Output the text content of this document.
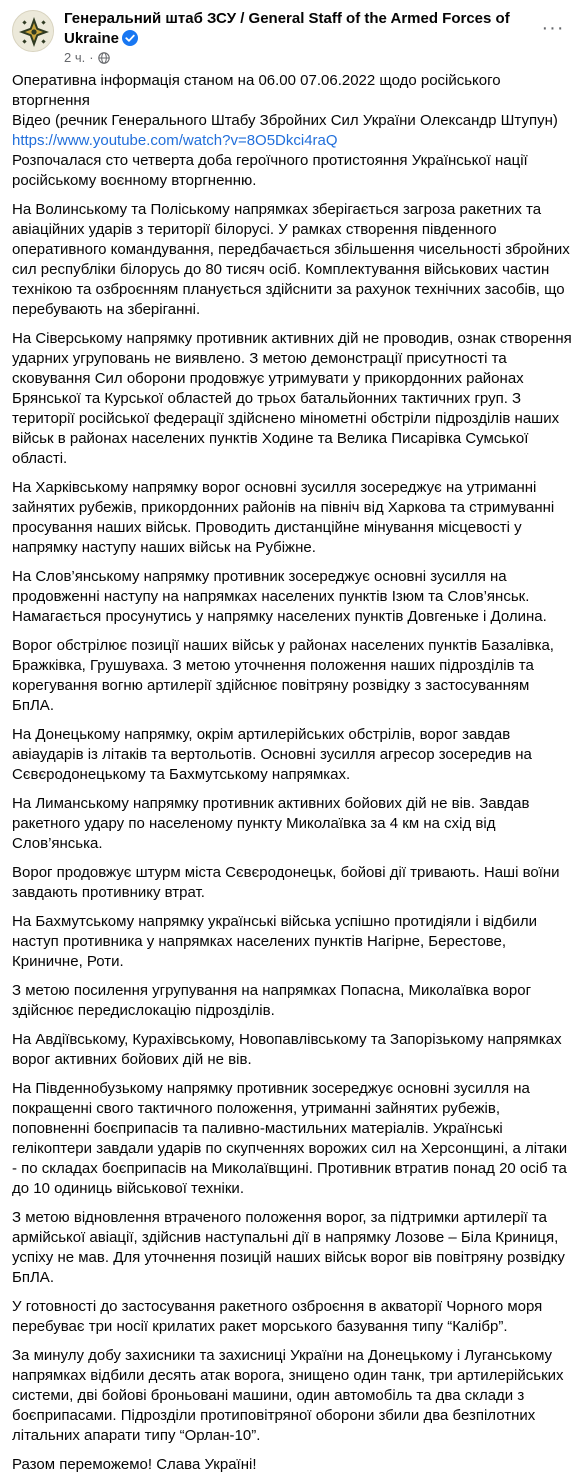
Генеральний штаб ЗСУ / General Staff of the Armed Forces of Ukraine
2 ч. ·
···

Оперативна інформація станом на 06.00 07.06.2022 щодо російського вторгнення

Відео (речник Генерального Штабу Збройних Сил України Олександр Штупун)

https://www.youtube.com/watch?v=8O5Dkci4raQ

Розпочалася сто четверта доба героїчного протистояння Української нації російському воєнному вторгненню.

На Волинському та Поліському напрямках зберігається загроза ракетних та авіаційних ударів з території білорусі. У рамках створення південного оперативного командування, передбачається збільшення чисельності збройних сил республіки білорусь до 80 тисяч осіб. Комплектування військових частин технікою та озброєнням планується здійснити за рахунок технічних засобів, що перебувають на зберіганні.

На Сіверському напрямку противник активних дій не проводив, ознак створення ударних угруповань не виявлено. З метою демонстрації присутності та сковування Сил оборони продовжує утримувати у прикордонних районах Брянської та Курської областей до трьох батальйонних тактичних груп. З території російської федерації здійснено мінометні обстріли підрозділів наших військ в районах населених пунктів Ходине та Велика Писарівка Сумської області.

На Харківському напрямку ворог основні зусилля зосереджує на утриманні зайнятих рубежів, прикордонних районів на північ від Харкова та стримуванні просування наших військ. Проводить дистанційне мінування місцевості у напрямку наступу наших військ на Рубіжне.

На Слов’янському напрямку противник зосереджує основні зусилля на продовженні наступу на напрямках населених пунктів Ізюм та Слов’янськ. Намагається просунутись у напрямку населених пунктів Довгеньке і Долина.

Ворог обстрілює позиції наших військ у районах населених пунктів Базалівка, Бражківка, Грушуваха. З метою уточнення положення наших підрозділів та корегування вогню артилерії здійснює повітряну розвідку з застосуванням БпЛА.

На Донецькому напрямку, окрім артилерійських обстрілів, ворог завдав авіаударів із літаків та вертольотів. Основні зусилля агресор зосередив на Сєвєродонецькому та Бахмутському напрямках.

На Лиманському напрямку противник активних бойових дій не вів. Завдав ракетного удару по населеному пункту Миколаївка за 4 км на схід від Слов’янська.

Ворог продовжує штурм міста Сєвєродонецьк, бойові дії тривають. Наші воїни завдають противнику втрат.

На Бахмутському напрямку українські війська успішно протидіяли і відбили наступ противника у напрямках населених пунктів Нагірне, Берестове, Криничне, Роти.

З метою посилення угрупування на напрямках Попасна, Миколаївка ворог здійснює передислокацію підрозділів.

На Авдіївському, Курахівському, Новопавлівському та Запорізькому напрямках ворог активних бойових дій не вів.

На Південнобузькому напрямку противник зосереджує основні зусилля на покращенні свого тактичного положення, утриманні зайнятих рубежів, поповненні боєприпасів та паливно-мастильних матеріалів. Українські гелікоптери завдали ударів по скупченнях ворожих сил на Херсонщині, а літаки - по складах боєприпасів на Миколаївщині. Противник втратив понад 20 осіб та до 10 одиниць військової техніки.

З метою відновлення втраченого положення ворог, за підтримки артилерії та армійської авіації, здійснив наступальні дії в напрямку Лозове – Біла Криниця, успіху не мав. Для уточнення позицій наших військ ворог вів повітряну розвідку БпЛА.

У готовності до застосування ракетного озброєння в акваторії Чорного моря перебуває три носії крилатих ракет морського базування типу “Калібр”.

За минулу добу захисники та захисниці України на Донецькому і Луганському напрямках відбили десять атак ворога, знищено один танк, три артилерійських системи, дві бойові броньовані машини, один автомобіль та два склади з боєприпасами. Підрозділи протиповітряної оборони збили два безпілотних літальних апарати типу “Орлан-10”.

Разом переможемо! Слава Україні!
